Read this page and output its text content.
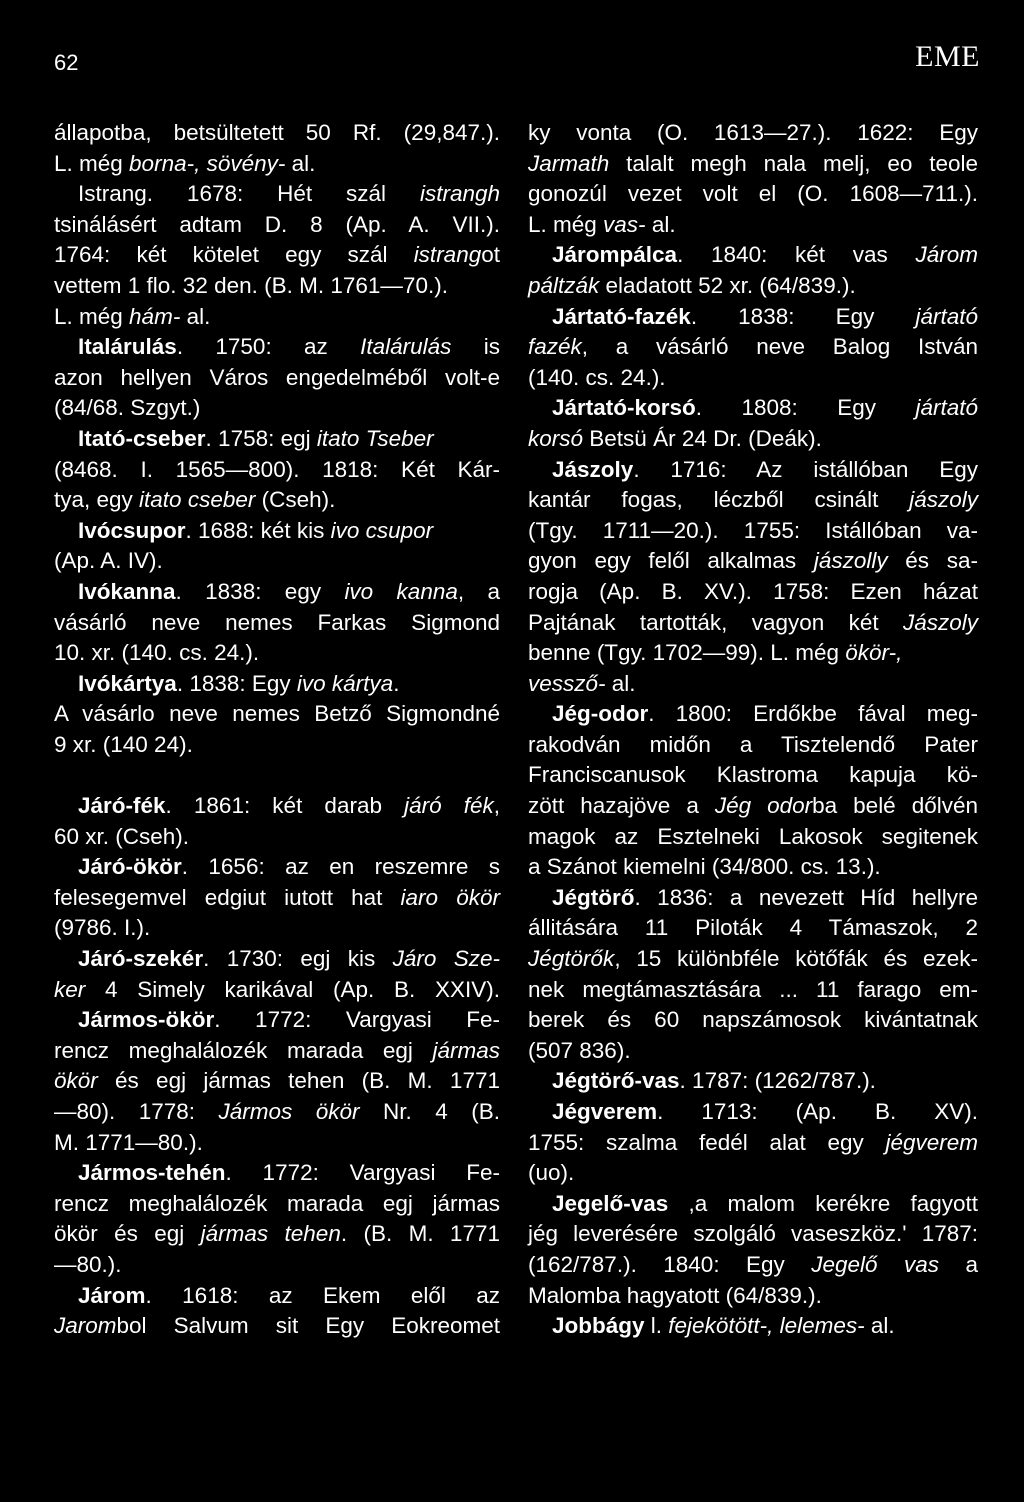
62	EME
állapotba, betsültetett 50 Rf. (29,847.).
L. még borna-, sövény- al.
Istrang. 1678: Hét szál istrangh
tsinálásért adtam D. 8 (Ap. A. VII.).
1764: két kötelet egy szál istrangot
vettem 1 flo. 32 den. (B. M. 1761—70.).
L. még hám- al.
Italárulás. 1750: az Italárulás is
azon hellyen Város engedelméből volt-e
(84/68. Szgyt.)
Itató-cseber. 1758: egj itato Tseber
(8468. I. 1565—800). 1818: Két Kár-
tya, egy itato cseber (Cseh).
Ivócsupor. 1688: két kis ivo csupor
(Ap. A. IV).
Ivókanna. 1838: egy ivo kanna, a
vásárló neve nemes Farkas Sigmond
10. xr. (140. cs. 24.).
Ivókártya. 1838: Egy ivo kártya.
A vásárlo neve nemes Betző Sigmondné
9 xr. (140 24).
Járó-fék. 1861: két darab járó fék,
60 xr. (Cseh).
Járó-ökör. 1656: az en reszemre s
felesegemvel edgiut iutott hat iaro ökör
(9786. I.).
Járó-szekér. 1730: egj kis Járo Sze-
ker 4 Simely karikával (Ap. B. XXIV).
Jármos-ökör. 1772: Vargyasi Fe-
rencz meghalálozék marada egj jármas
ökör és egj jármas tehen (B. M. 1771
—80). 1778: Jármos ökör Nr. 4 (B.
M. 1771—80.).
Jármos-tehén. 1772: Vargyasi Fe-
rencz meghalálozék marada egj jármas
ökör és egj jármas tehen. (B. M. 1771
—80.).
Járom. 1618: az Ekem elől az
Jarombol Salvum sit Egy Eokreomet
ky vonta (O. 1613—27.). 1622: Egy
Jarmath talalt megh nala melj, eo teole
gonozúl vezet volt el (O. 1608—711.).
L. még vas- al.
Járompálca. 1840: két vas Járom
páltzák eladatott 52 xr. (64/839.).
Jártató-fazék. 1838: Egy jártató
fazék, a vásárló neve Balog István
(140. cs. 24.).
Jártató-korsó. 1808: Egy jártató
korsó Betsü Ár 24 Dr. (Deák).
Jászoly. 1716: Az istállóban Egy
kantár fogas, léczből csinált jászoly
(Tgy. 1711—20.). 1755: Istállóban va-
gyon egy felől alkalmas jászolly és sa-
rogja (Ap. B. XV.). 1758: Ezen házat
Pajtának tartották, vagyon két Jászoly
benne (Tgy. 1702—99). L. még ökör-,
vessző- al.
Jég-odor. 1800: Erdőkbe fával meg-
rakodván midőn a Tisztelendő Pater
Franciscanusok Klastroma kapuja kö-
zött hazajöve a Jég odorba belé dőlvén
magok az Esztelneki Lakosok segitenek
a Szánot kiemelni (34/800. cs. 13.).
Jégtörő. 1836: a nevezett Híd hellyre
állitására 11 Piloták 4 Támaszok, 2
Jégtörők, 15 különbféle kötőfák és ezek-
nek megtámasztására ... 11 farago em-
berek és 60 napszámosok kivántatnak
(507 836).
Jégtörő-vas. 1787: (1262/787.).
Jégverem. 1713: (Ap. B. XV).
1755: szalma fedél alat egy jégverem
(uo).
Jegelő-vas ,a malom kerékre fagyott
jég leverésére szolgáló vaseszköz.' 1787:
(162/787.). 1840: Egy Jegelő vas a
Malomba hagyatott (64/839.).
Jobbágy l. fejekötött-, lelemes- al.
